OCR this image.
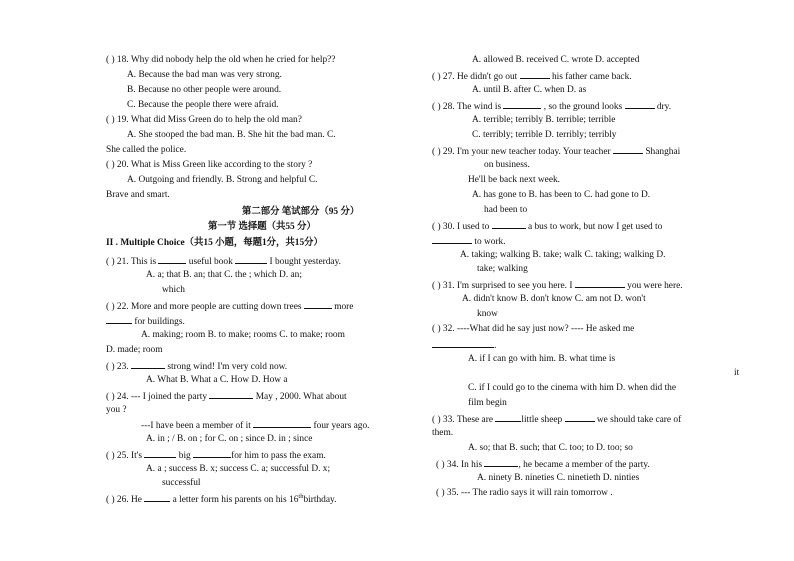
( ) 18. Why did nobody help the old when he cried for help??
A. Because the bad man was very strong.
B. Because no other people were around.
C. Because the people there were afraid.
( ) 19. What did Miss Green do to help the old man?
A. She stooped the bad man. B. She hit the bad man. C.
She called the police.
( ) 20. What is Miss Green like according to the story ?
A. Outgoing and friendly. B. Strong and helpful C.
Brave and smart.
第二部分 笔试部分（95 分）
第一节 选择题（共55 分）
II . Multiple Choice（共15 小题，每题1分，共15分）
( ) 21. This is	useful book	I bought yesterday.
A. a; that B. an; that C. the ; which D. an;
which
( ) 22. More and more people are cutting down trees	more
for buildings.
A. making; room B. to make; rooms C. to make; room
D. made; room
( ) 23.	strong wind! I'm very cold now.
A. What B. What a C. How D. How a
( ) 24. --- I joined the party	May , 2000. What about
you ?
---I have been a member of it	four years ago.
A. in ; / B. on ; for C. on ; since D. in ; since
( ) 25. It's	big	for him to pass the exam.
A. a ; success B. x; success C. a; successful D. x;
successful
( ) 26. He	a letter form his parents on his 16thbirthday.
A. allowed B. received C. wrote D. accepted
( ) 27. He didn't go out	his father came back.
A. until B. after C. when D. as
( ) 28. The wind is	, so the ground looks	dry.
A. terrible; terribly B. terrible; terrible
C. terribly; terrible D. terribly; terribly
( ) 29. I'm your new teacher today. Your teacher	Shanghai
on business.
He'll be back next week.
A. has gone to B. has been to C. had gone to D.
had been to
( ) 30. I used to	a bus to work, but now I get used to
to work.
A. taking; walking B. take; walk C. taking; walking D.
take; walking
( ) 31. I'm surprised to see you here. I	you were here.
A. didn't know B. don't know C. am not D. won't
know
( ) 32. ----What did he say just now? ---- He asked me
.
A. if I can go with him. B. what time is
it
C. if I could go to the cinema with him D. when did the
film begin
( ) 33. These are	little sheep	we should take care of
them.
A. so; that B. such; that C. too; to D. too; so
( ) 34. In his	, he became a member of the party.
A. ninety B. nineties C. ninetieth D. ninties
( ) 35. --- The radio says it will rain tomorrow .
